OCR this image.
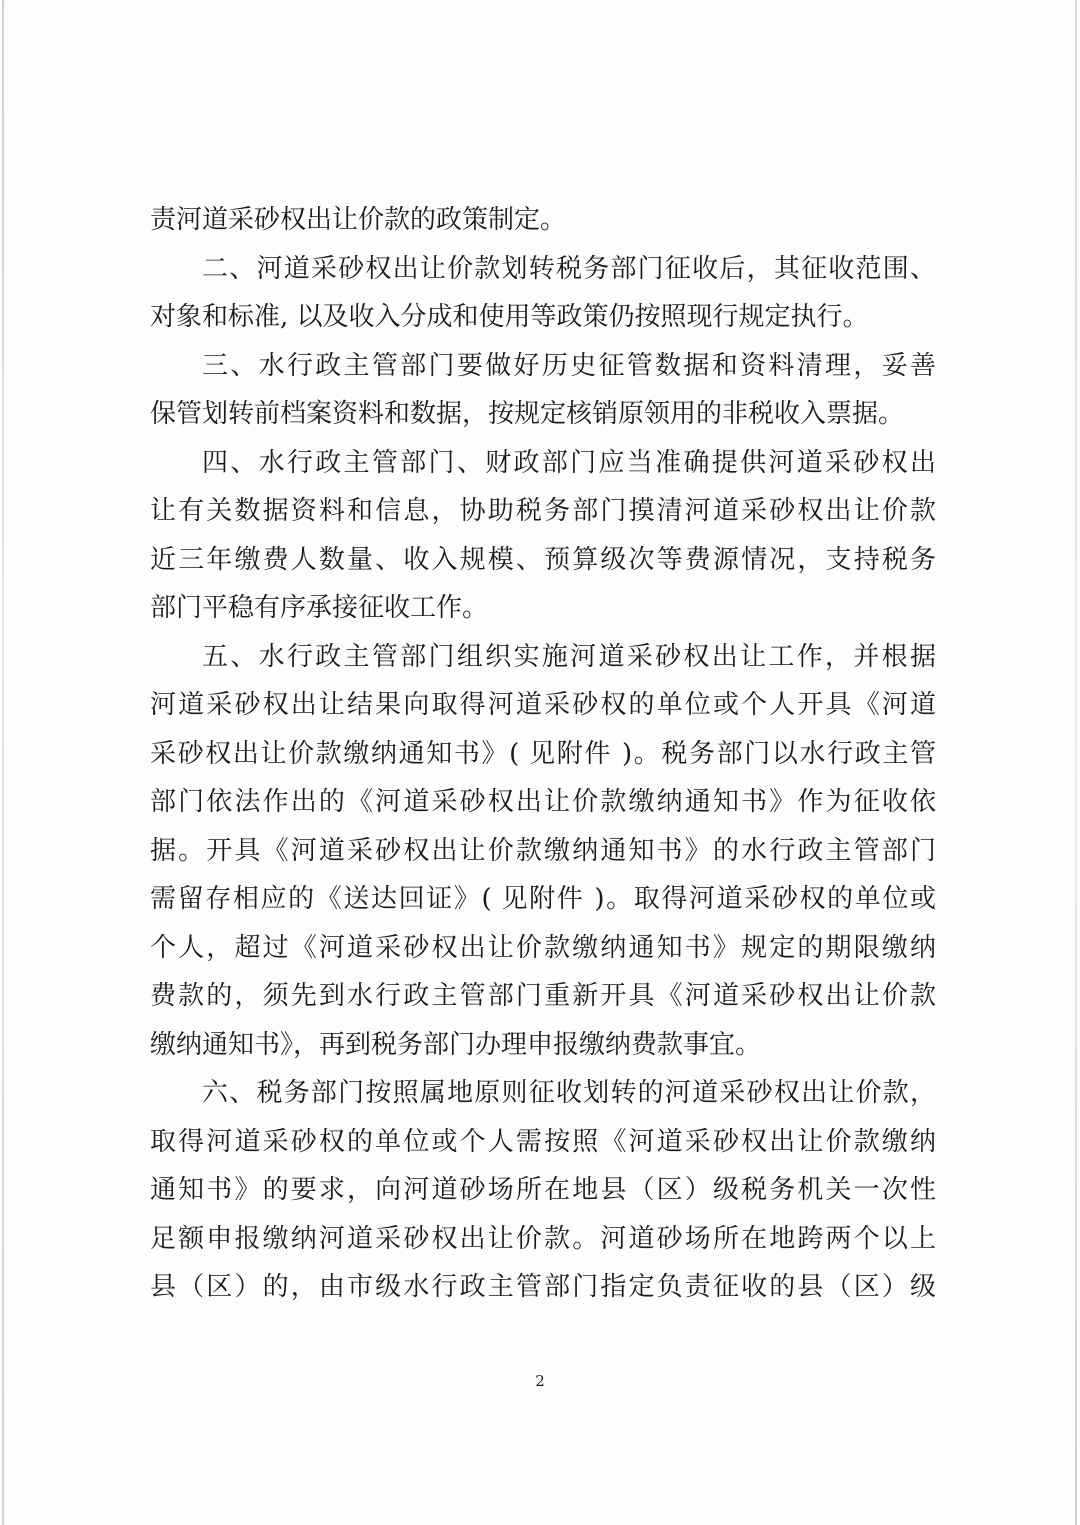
责河道采砂权出让价款的政策制定。
二、河道采砂权出让价款划转税务部门征收后，其征收范围、
对象和标准, 以及收入分成和使用等政策仍按照现行规定执行。
三、水行政主管部门要做好历史征管数据和资料清理，妥善
保管划转前档案资料和数据，按规定核销原领用的非税收入票据。
四、水行政主管部门、财政部门应当准确提供河道采砂权出
让有关数据资料和信息，协助税务部门摸清河道采砂权出让价款
近三年缴费人数量、收入规模、预算级次等费源情况，支持税务
部门平稳有序承接征收工作。
五、水行政主管部门组织实施河道采砂权出让工作，并根据
河道采砂权出让结果向取得河道采砂权的单位或个人开具《河道
采砂权出让价款缴纳通知书》( 见附件 )。税务部门以水行政主管
部门依法作出的《河道采砂权出让价款缴纳通知书》作为征收依
据。开具《河道采砂权出让价款缴纳通知书》的水行政主管部门
需留存相应的《送达回证》( 见附件 )。取得河道采砂权的单位或
个人，超过《河道采砂权出让价款缴纳通知书》规定的期限缴纳
费款的，须先到水行政主管部门重新开具《河道采砂权出让价款
缴纳通知书》，再到税务部门办理申报缴纳费款事宜。
六、税务部门按照属地原则征收划转的河道采砂权出让价款，
取得河道采砂权的单位或个人需按照《河道采砂权出让价款缴纳
通知书》的要求，向河道砂场所在地县（区）级税务机关一次性
足额申报缴纳河道采砂权出让价款。河道砂场所在地跨两个以上
县（区）的，由市级水行政主管部门指定负责征收的县（区）级
2
